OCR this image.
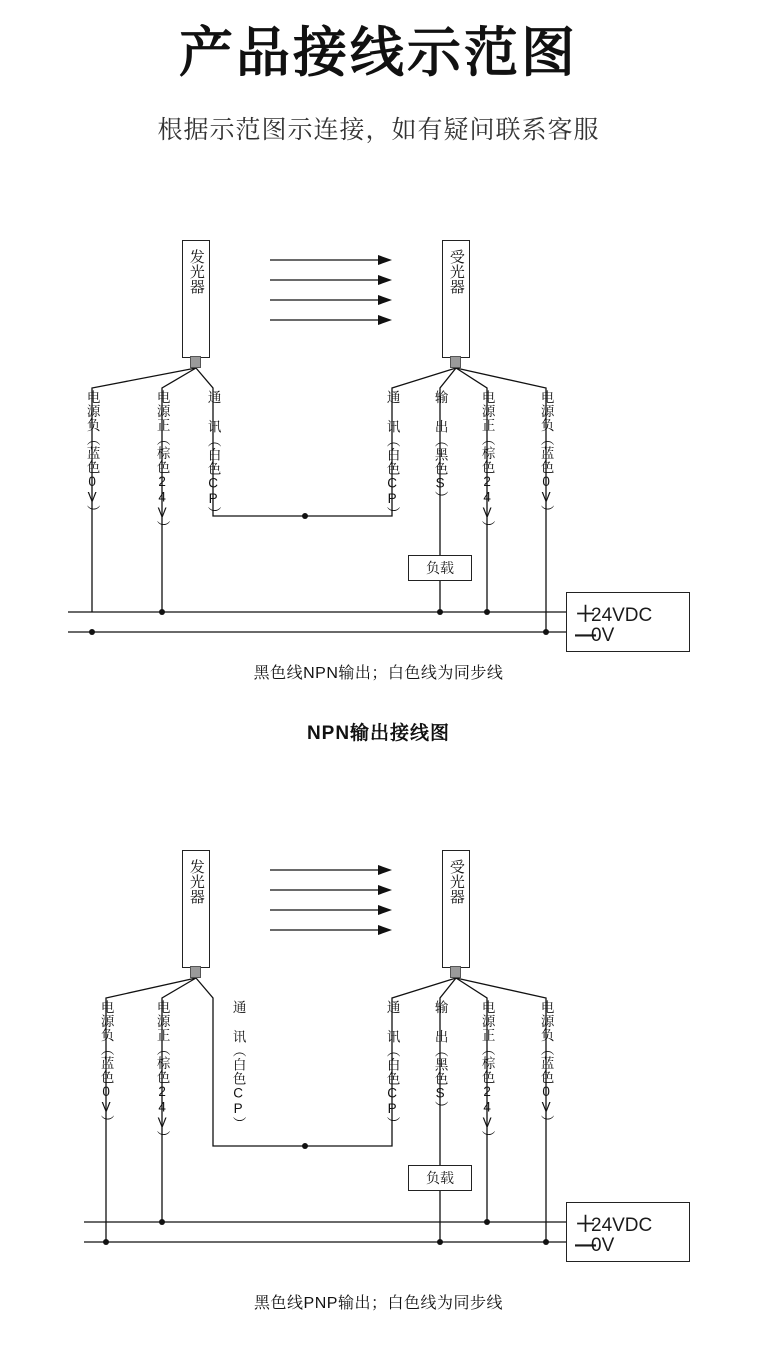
产品接线示范图

根据示范图示连接，如有疑问联系客服

发光器	受光器
电源负（蓝色0V）	电源正（棕色24V）	通 讯（白色CP）	通 讯（白色CP） 输 出（黑色S） 电源正（棕色24V）	电源负（蓝色0V）
负载
＋24VDC
—0V
黑色线NPN输出；白色线为同步线
NPN输出接线图
发光器	受光器
电源负（蓝色0V）	电源正（棕色24V）	通 讯（白色CP）	通 讯（白色CP） 输 出（黑色S） 电源正（棕色24V）	电源负（蓝色0V）
负载
＋24VDC
—0V
黑色线PNP输出；白色线为同步线
